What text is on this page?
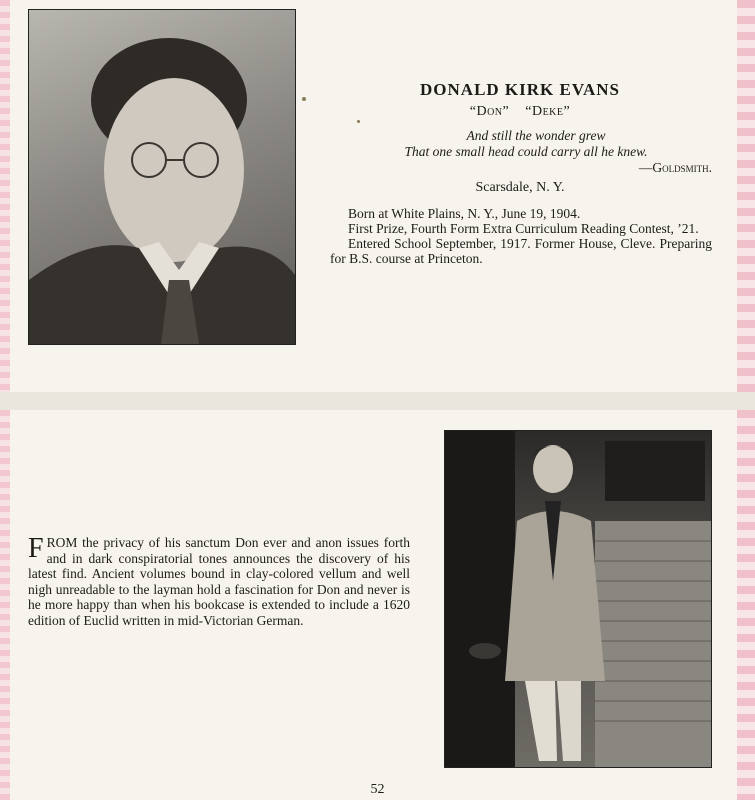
DONALD KIRK EVANS
“Don” “Deke”
And still the wonder grew
That one small head could carry all he knew.
—Goldsmith.
Scarsdale, N. Y.

Born at White Plains, N. Y., June 19, 1904.

First Prize, Fourth Form Extra Curriculum Reading Contest, ’21.

Entered School September, 1917. Former House, Cleve. Preparing for B.S. course at Princeton.

FROM the privacy of his sanctum Don ever and anon issues forth and in dark conspiratorial tones announces the discovery of his latest find. Ancient volumes bound in clay-colored vellum and well nigh unreadable to the layman hold a fascination for Don and never is he more happy than when his bookcase is extended to include a 1620 edition of Euclid written in mid-Victorian German.
52
